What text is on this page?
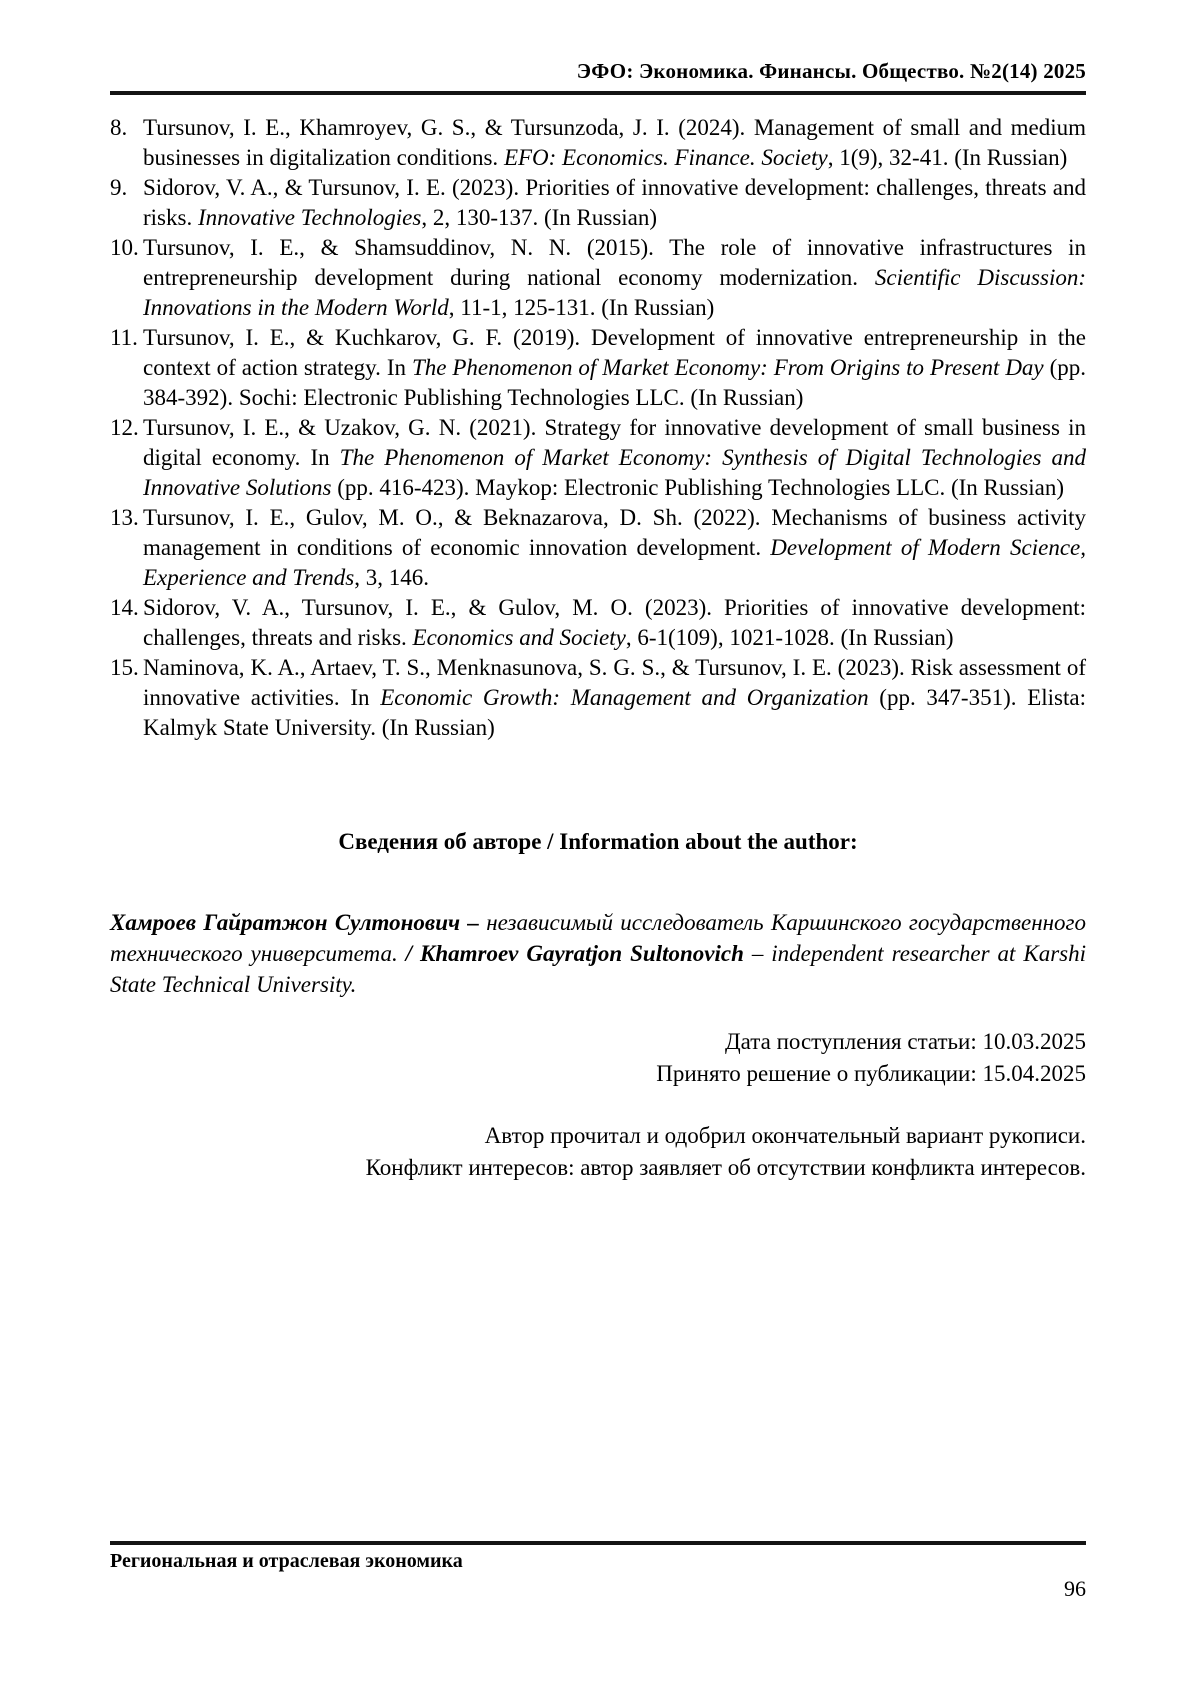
ЭФО: Экономика. Финансы. Общество. №2(14) 2025
8. Tursunov, I. E., Khamroyev, G. S., & Tursunzoda, J. I. (2024). Management of small and medium businesses in digitalization conditions. EFO: Economics. Finance. Society, 1(9), 32-41. (In Russian)
9. Sidorov, V. A., & Tursunov, I. E. (2023). Priorities of innovative development: challenges, threats and risks. Innovative Technologies, 2, 130-137. (In Russian)
10. Tursunov, I. E., & Shamsuddinov, N. N. (2015). The role of innovative infrastructures in entrepreneurship development during national economy modernization. Scientific Discussion: Innovations in the Modern World, 11-1, 125-131. (In Russian)
11. Tursunov, I. E., & Kuchkarov, G. F. (2019). Development of innovative entrepreneurship in the context of action strategy. In The Phenomenon of Market Economy: From Origins to Present Day (pp. 384-392). Sochi: Electronic Publishing Technologies LLC. (In Russian)
12. Tursunov, I. E., & Uzakov, G. N. (2021). Strategy for innovative development of small business in digital economy. In The Phenomenon of Market Economy: Synthesis of Digital Technologies and Innovative Solutions (pp. 416-423). Maykop: Electronic Publishing Technologies LLC. (In Russian)
13. Tursunov, I. E., Gulov, M. O., & Beknazarova, D. Sh. (2022). Mechanisms of business activity management in conditions of economic innovation development. Development of Modern Science, Experience and Trends, 3, 146.
14. Sidorov, V. A., Tursunov, I. E., & Gulov, M. O. (2023). Priorities of innovative development: challenges, threats and risks. Economics and Society, 6-1(109), 1021-1028. (In Russian)
15. Naminova, K. A., Artaev, T. S., Menknasunova, S. G. S., & Tursunov, I. E. (2023). Risk assessment of innovative activities. In Economic Growth: Management and Organization (pp. 347-351). Elista: Kalmyk State University. (In Russian)
Сведения об авторе / Information about the author:

Хамроев Гайратжон Султонович – независимый исследователь Каршинского государственного технического университета. / Khamroev Gayratjon Sultonovich – independent researcher at Karshi State Technical University.

Дата поступления статьи: 10.03.2025
Принято решение о публикации: 15.04.2025
Автор прочитал и одобрил окончательный вариант рукописи.
Конфликт интересов: автор заявляет об отсутствии конфликта интересов.
Региональная и отраслевая экономика
96
